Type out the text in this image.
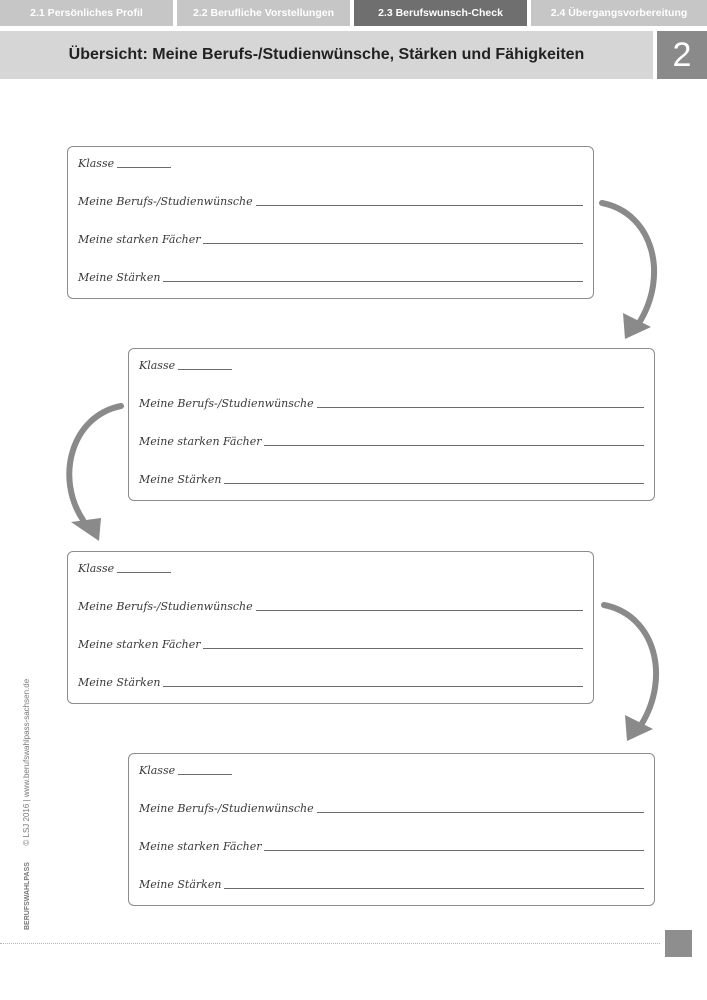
2.1 Persönliches Profil	2.2 Berufliche Vorstellungen	2.3 Berufswunsch-Check	2.4 Übergangsvorbereitung
Übersicht: Meine Berufs-/Studienwünsche, Stärken und Fähigkeiten	2
Klasse
Meine Berufs-/Studienwünsche
Meine starken Fächer
Meine Stärken
Klasse
Meine Berufs-/Studienwünsche
Meine starken Fächer
Meine Stärken
Klasse
Meine Berufs-/Studienwünsche
Meine starken Fächer
Meine Stärken
Klasse
Meine Berufs-/Studienwünsche
Meine starken Fächer
Meine Stärken
BERUFSWAHLPASS  © LSJ 2016 | www.berufswahlpass-sachsen.de
